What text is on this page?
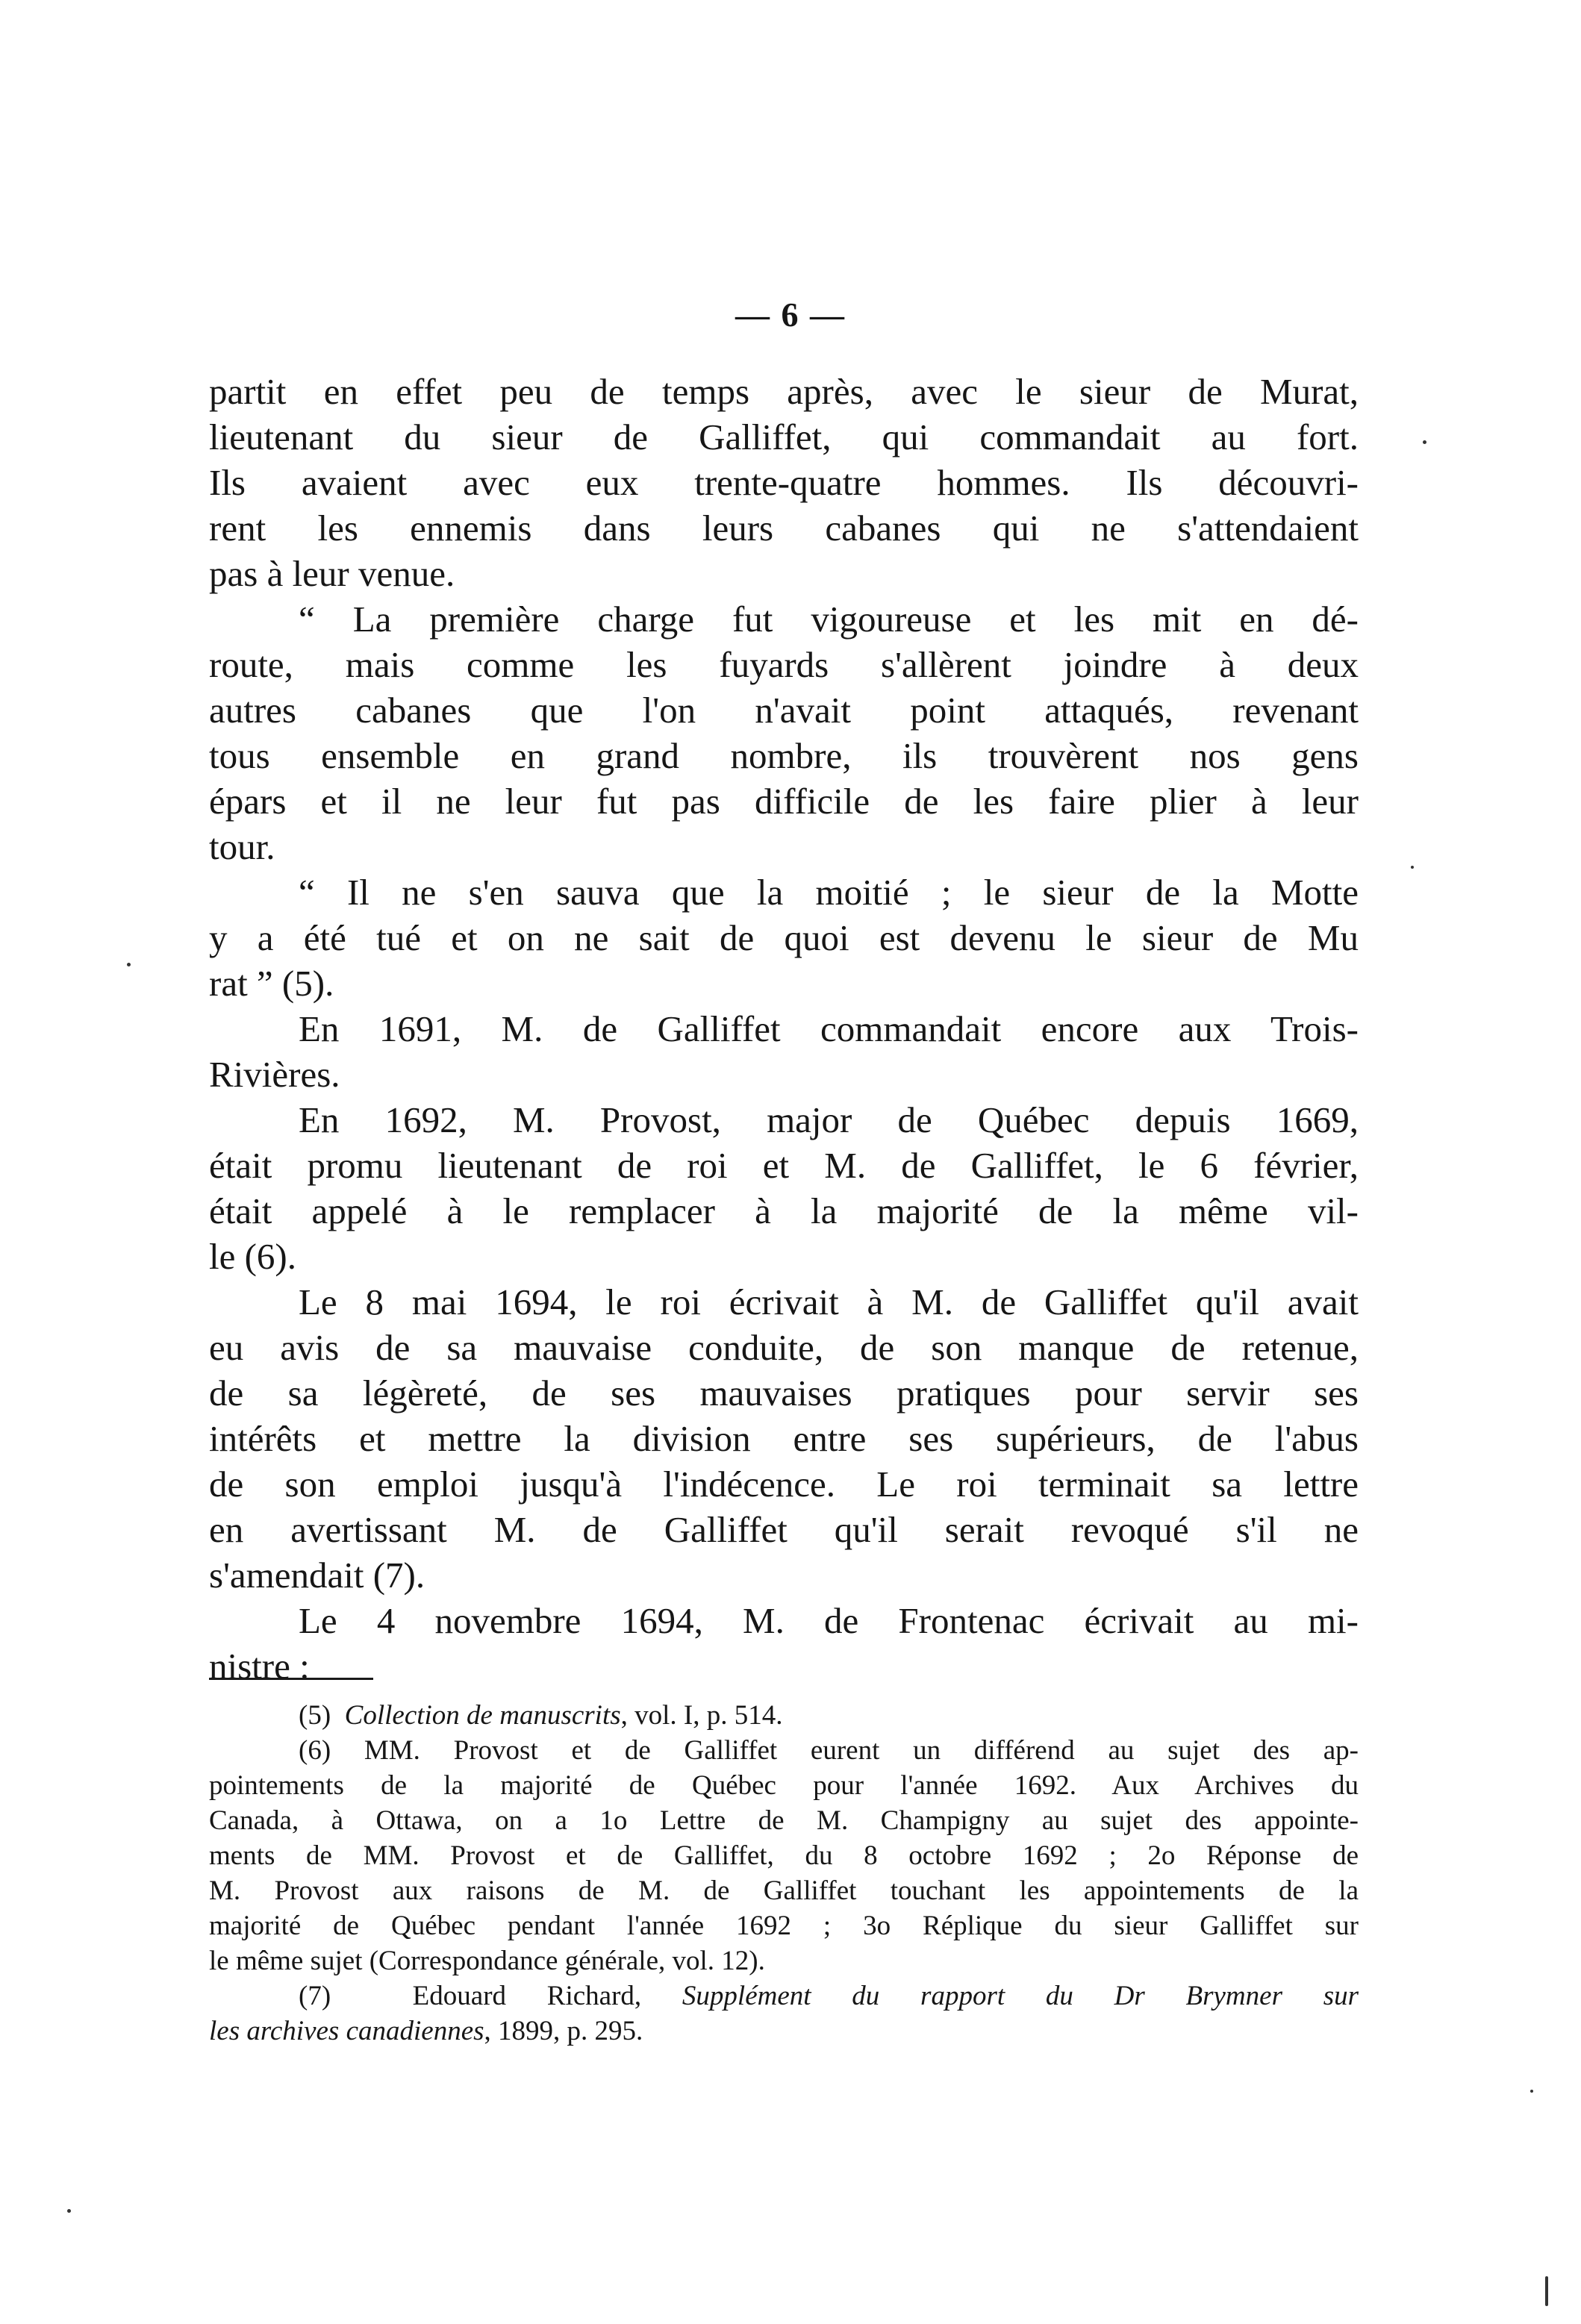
— 6 —
partit en effet peu de temps après, avec le sieur de Murat,
lieutenant du sieur de Galliffet, qui commandait au fort.
Ils avaient avec eux trente-quatre hommes. Ils découvri-
rent les ennemis dans leurs cabanes qui ne s'attendaient
pas à leur venue.
“ La première charge fut vigoureuse et les mit en dé-
route, mais comme les fuyards s'allèrent joindre à deux
autres cabanes que l'on n'avait point attaqués, revenant
tous ensemble en grand nombre, ils trouvèrent nos gens
épars et il ne leur fut pas difficile de les faire plier à leur
tour.
“ Il ne s'en sauva que la moitié ; le sieur de la Motte
y a été tué et on ne sait de quoi est devenu le sieur de Mu
rat ” (5).
En 1691, M. de Galliffet commandait encore aux Trois-
Rivières.
En 1692, M. Provost, major de Québec depuis 1669,
était promu lieutenant de roi et M. de Galliffet, le 6 février,
était appelé à le remplacer à la majorité de la même vil-
le (6).
Le 8 mai 1694, le roi écrivait à M. de Galliffet qu'il avait
eu avis de sa mauvaise conduite, de son manque de retenue,
de sa légèreté, de ses mauvaises pratiques pour servir ses
intérêts et mettre la division entre ses supérieurs, de l'abus
de son emploi jusqu'à l'indécence. Le roi terminait sa lettre
en avertissant M. de Galliffet qu'il serait revoqué s'il ne
s'amendait (7).
Le 4 novembre 1694, M. de Frontenac écrivait au mi-
nistre :
(5) Collection de manuscrits, vol. I, p. 514.
(6) MM. Provost et de Galliffet eurent un différend au sujet des ap-
pointements de la majorité de Québec pour l'année 1692. Aux Archives du
Canada, à Ottawa, on a 1o Lettre de M. Champigny au sujet des appointe-
ments de MM. Provost et de Galliffet, du 8 octobre 1692 ; 2o Réponse de
M. Provost aux raisons de M. de Galliffet touchant les appointements de la
majorité de Québec pendant l'année 1692 ; 3o Réplique du sieur Galliffet sur
le même sujet (Correspondance générale, vol. 12).
(7)	Edouard Richard, Supplément du rapport du Dr Brymner sur
les archives canadiennes, 1899, p. 295.
